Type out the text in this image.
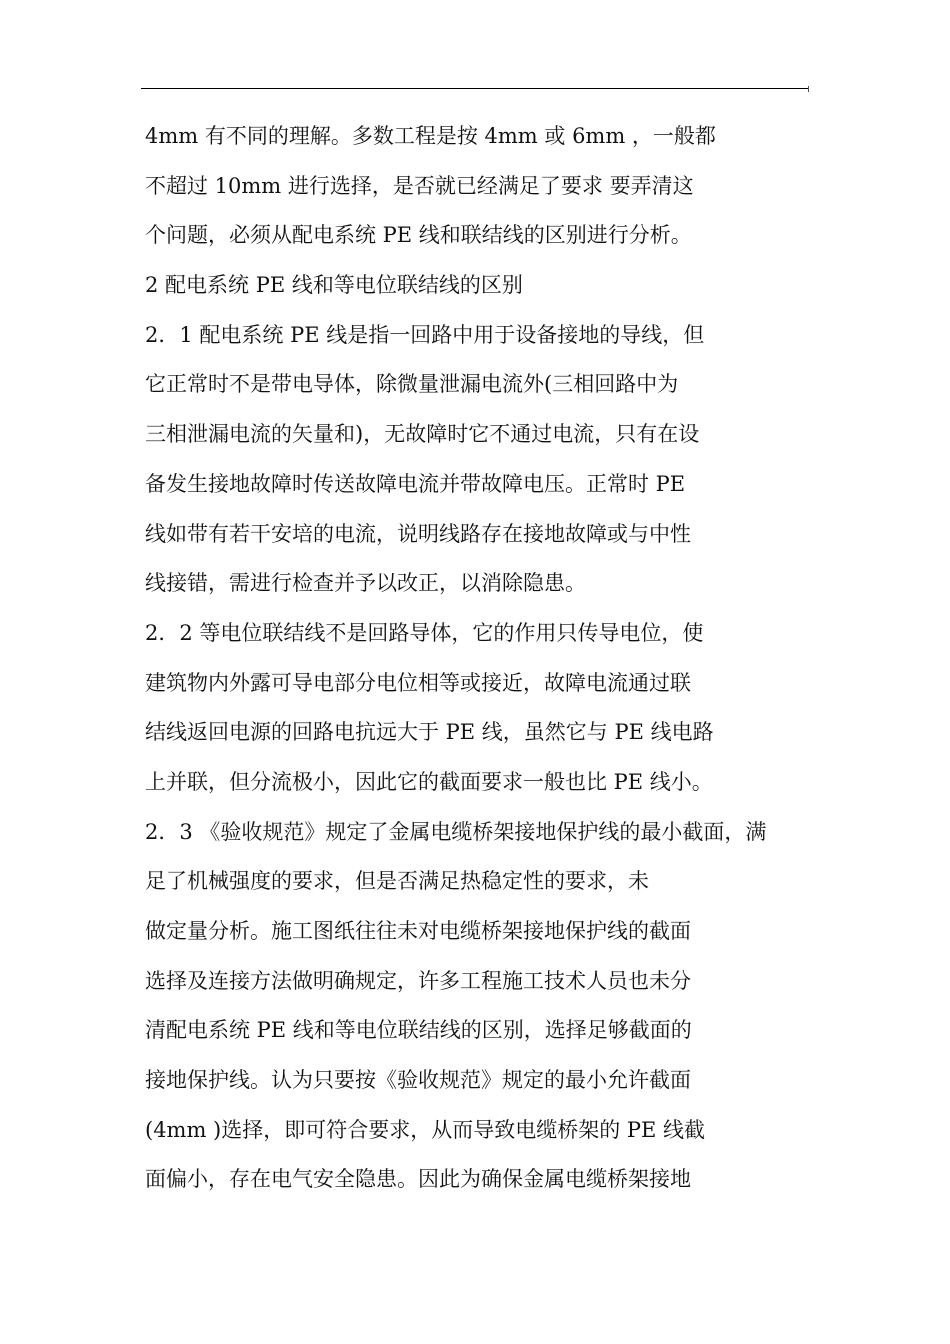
4mm 有不同的理解。多数工程是按 4mm 或 6mm ，一般都
不超过 10mm 进行选择，是否就已经满足了要求 要弄清这
个问题，必须从配电系统 PE 线和联结线的区别进行分析。
2 配电系统 PE 线和等电位联结线的区别
2．1 配电系统 PE 线是指一回路中用于设备接地的导线，但
它正常时不是带电导体，除微量泄漏电流外(三相回路中为
三相泄漏电流的矢量和)，无故障时它不通过电流，只有在设
备发生接地故障时传送故障电流并带故障电压。正常时 PE
线如带有若干安培的电流，说明线路存在接地故障或与中性
线接错，需进行检查并予以改正，以消除隐患。
2．2 等电位联结线不是回路导体，它的作用只传导电位，使
建筑物内外露可导电部分电位相等或接近，故障电流通过联
结线返回电源的回路电抗远大于 PE 线，虽然它与 PE 线电路
上并联，但分流极小，因此它的截面要求一般也比 PE 线小。
2．3 《验收规范》规定了金属电缆桥架接地保护线的最小截面，满
足了机械强度的要求，但是否满足热稳定性的要求，未
做定量分析。施工图纸往往未对电缆桥架接地保护线的截面
选择及连接方法做明确规定，许多工程施工技术人员也未分
清配电系统 PE 线和等电位联结线的区别，选择足够截面的
接地保护线。认为只要按《验收规范》规定的最小允许截面
(4mm )选择，即可符合要求，从而导致电缆桥架的 PE 线截
面偏小，存在电气安全隐患。因此为确保金属电缆桥架接地
